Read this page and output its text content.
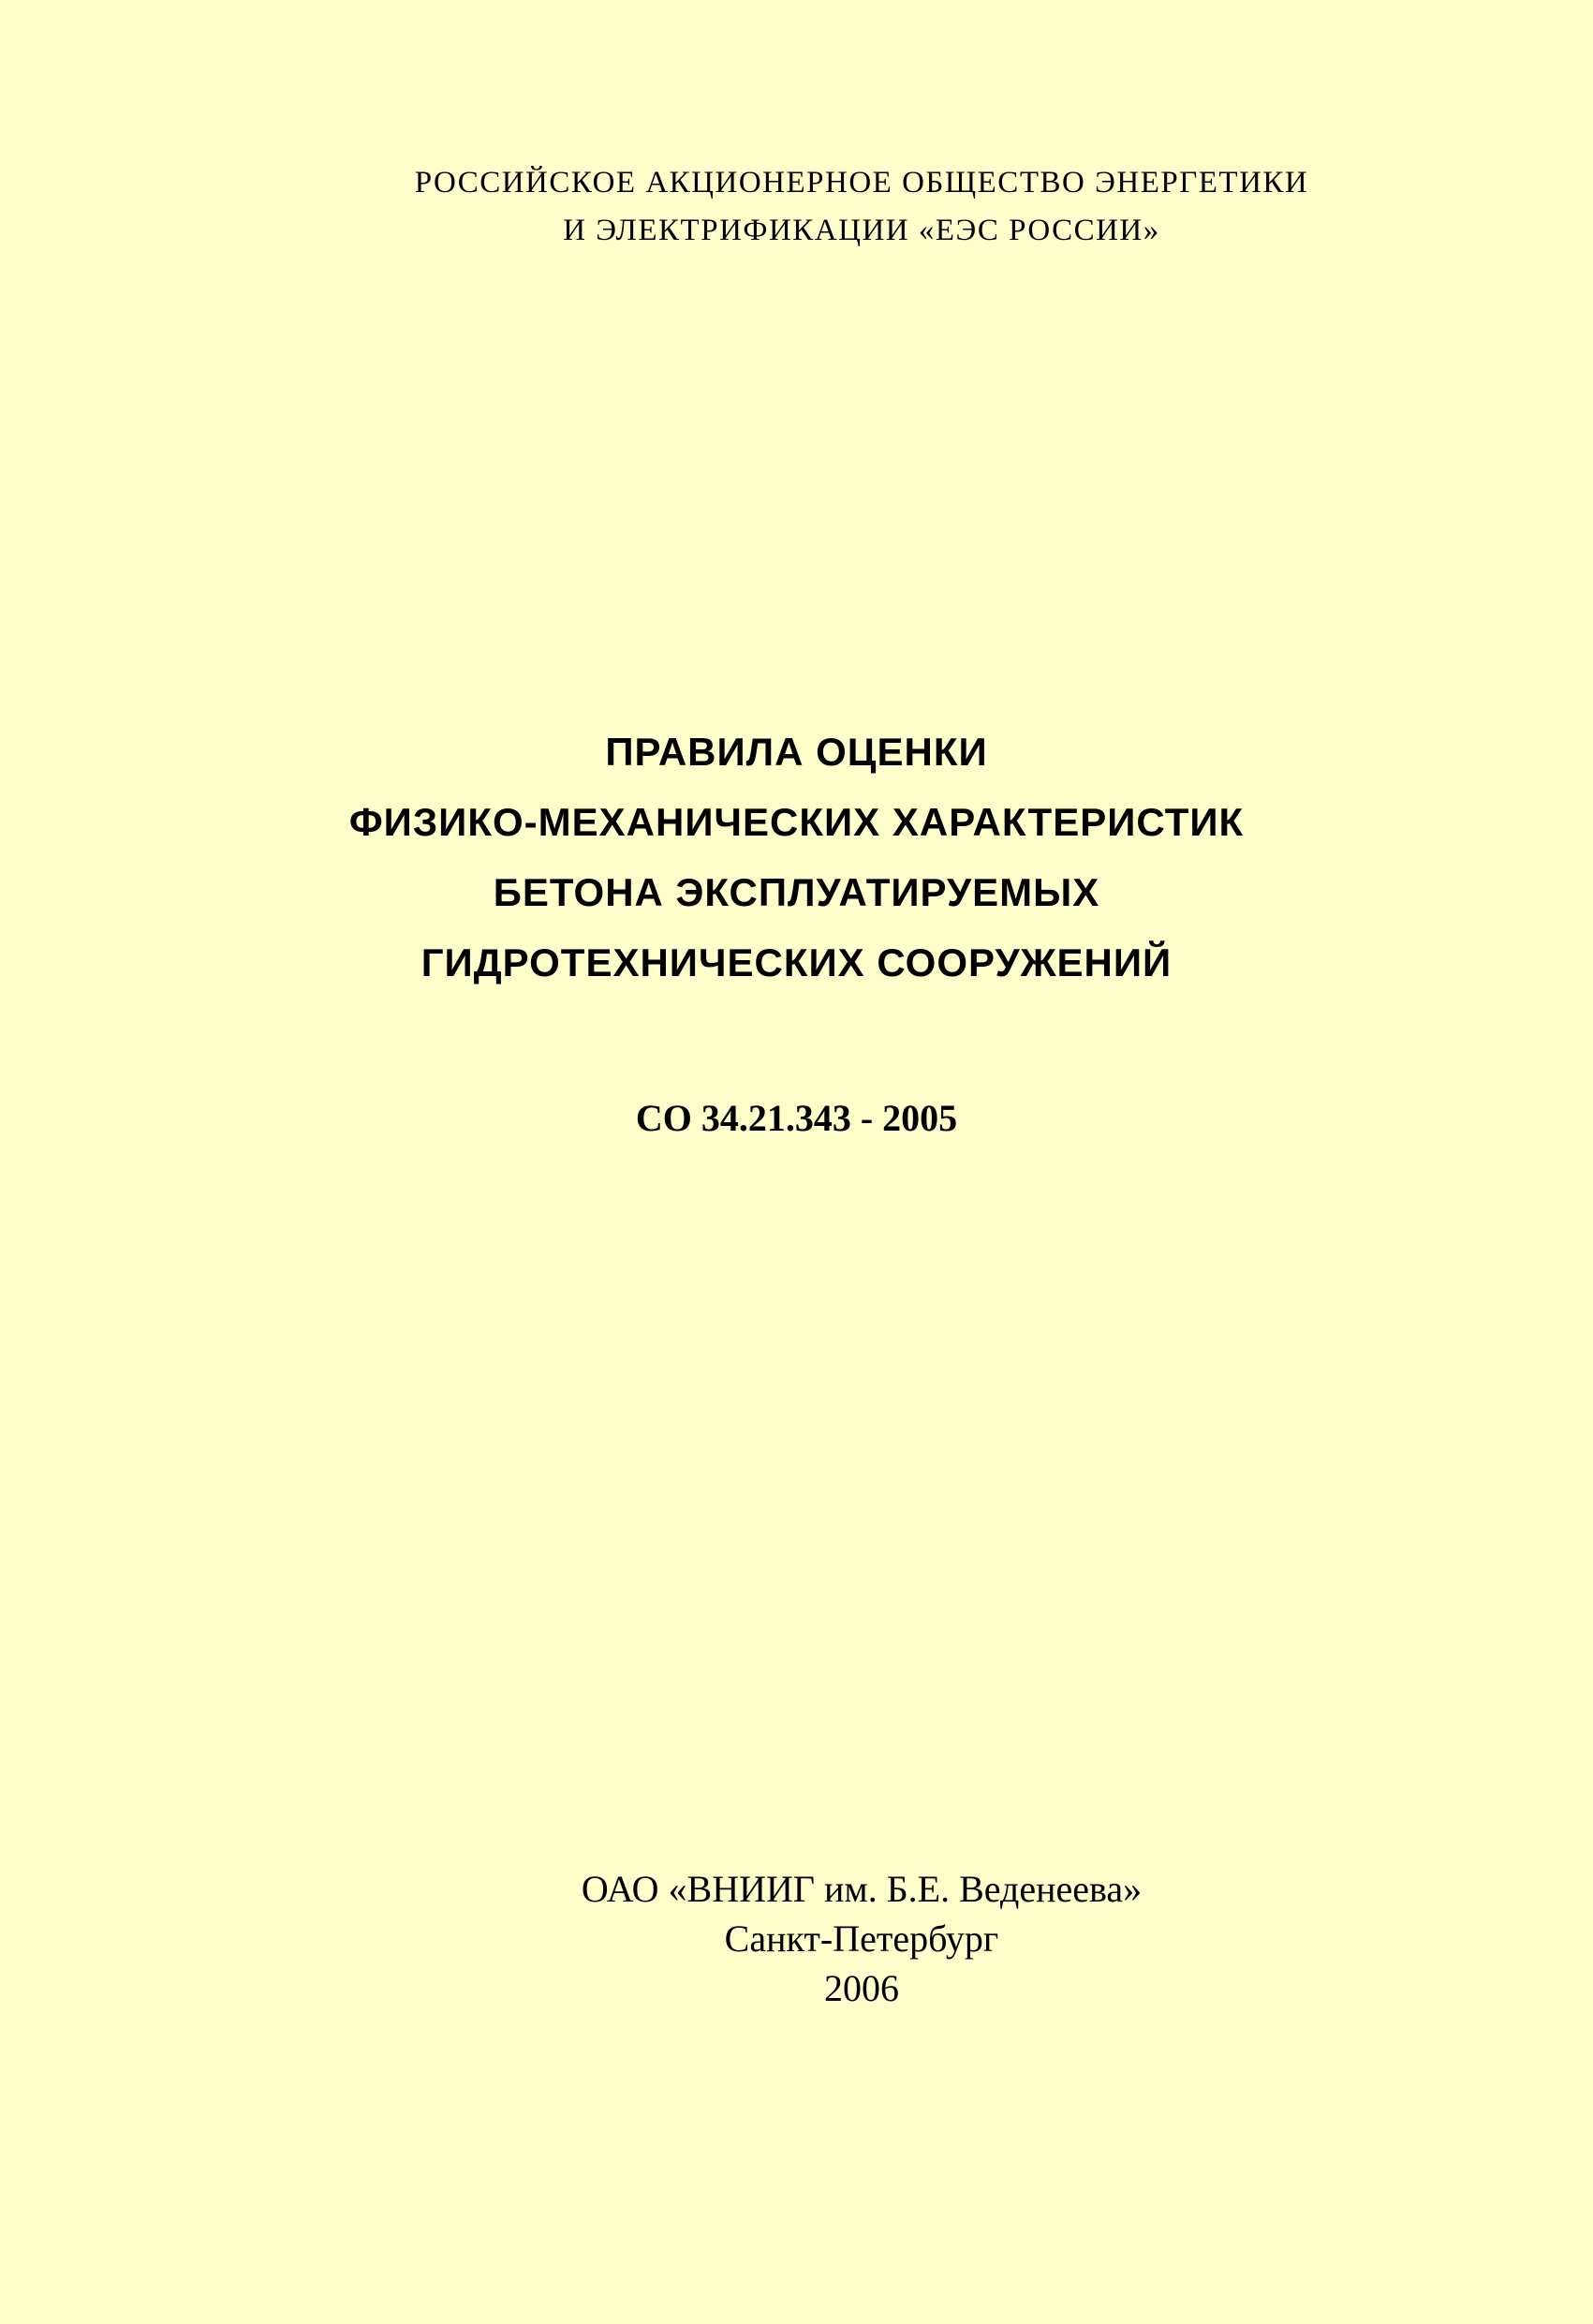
РОССИЙСКОЕ АКЦИОНЕРНОЕ ОБЩЕСТВО ЭНЕРГЕТИКИ
И ЭЛЕКТРИФИКАЦИИ «ЕЭС РОССИИ»
ПРАВИЛА ОЦЕНКИ
ФИЗИКО-МЕХАНИЧЕСКИХ ХАРАКТЕРИСТИК
БЕТОНА ЭКСПЛУАТИРУЕМЫХ
ГИДРОТЕХНИЧЕСКИХ СООРУЖЕНИЙ
СО 34.21.343 - 2005
ОАО «ВНИИГ им. Б.Е. Веденеева»
Санкт-Петербург
2006
